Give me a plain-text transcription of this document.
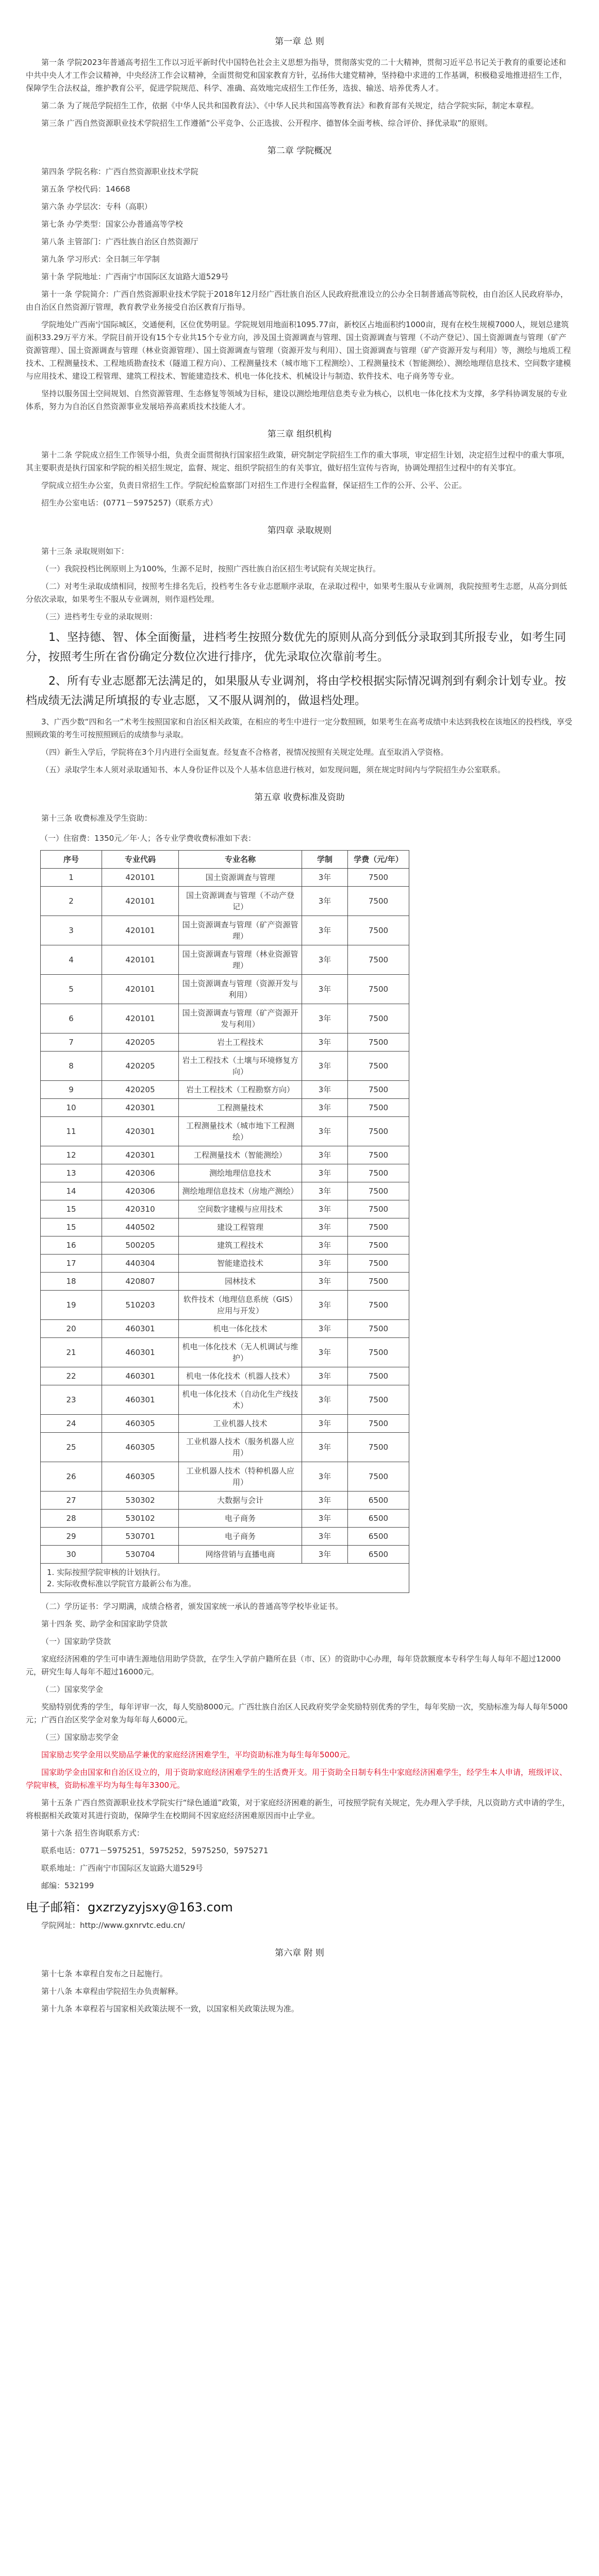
第一章 总 则

第一条 学院2023年普通高考招生工作以习近平新时代中国特色社会主义思想为指导，贯彻落实党的二十大精神，贯彻习近平总书记关于教育的重要论述和中共中央人才工作会议精神，中央经济工作会议精神，全面贯彻党和国家教育方针，弘扬伟大建党精神，坚持稳中求进的工作基调，积极稳妥地推进招生工作，保障学生合法权益，维护教育公平，促进学院规范、科学、准确、高效地完成招生工作任务，选拔、输送、培养优秀人才。

第二条 为了规范学院招生工作，依据《中华人民共和国教育法》、《中华人民共和国高等教育法》和教育部有关规定，结合学院实际，制定本章程。

第三条 广西自然资源职业技术学院招生工作遵循“公平竞争、公正选拔、公开程序、德智体全面考核、综合评价、择优录取”的原则。

第二章 学院概况

第四条 学院名称：广西自然资源职业技术学院

第五条 学校代码：14668

第六条 办学层次：专科（高职）

第七条 办学类型：国家公办普通高等学校

第八条 主管部门：广西壮族自治区自然资源厅

第九条 学习形式：全日制三年学制

第十条 学院地址：广西南宁市国际区友谊路大道529号

第十一条 学院简介：广西自然资源职业技术学院于2018年12月经广西壮族自治区人民政府批准设立的公办全日制普通高等院校，由自治区人民政府举办，由自治区自然资源厅管理，教育教学业务接受自治区教育厅指导。

学院地处广西南宁国际城区，交通便利，区位优势明显。学院规划用地面积1095.77亩，新校区占地面积约1000亩，现有在校生规模7000人，规划总建筑面积33.29万平方米。学院目前开设有15个专业共15个专业方向，涉及国土资源调查与管理、国土资源调查与管理（不动产登记）、国土资源调查与管理（矿产资源管理）、国土资源调查与管理（林业资源管理）、国土资源调查与管理（资源开发与利用）、国土资源调查与管理（矿产资源开发与利用）等，测绘与地质工程技术、工程测量技术、工程地质勘查技术（隧道工程方向）、工程测量技术（城市地下工程测绘）、工程测量技术（智能测绘）、测绘地理信息技术、空间数字建模与应用技术、建设工程管理、建筑工程技术、智能建造技术、机电一体化技术、机械设计与制造、软件技术、电子商务等专业。

坚持以服务国土空间规划、自然资源管理、生态修复等领域为目标，建设以测绘地理信息类专业为核心，以机电一体化技术为支撑，多学科协调发展的专业体系，努力为自治区自然资源事业发展培养高素质技术技能人才。

第三章 组织机构

第十二条 学院成立招生工作领导小组，负责全面贯彻执行国家招生政策，研究制定学院招生工作的重大事项，审定招生计划，决定招生过程中的重大事项，其主要职责是执行国家和学院的相关招生规定，监督、规定、组织学院招生的有关事宜，做好招生宣传与咨询，协调处理招生过程中的有关事宜。

学院成立招生办公室，负责日常招生工作。学院纪检监察部门对招生工作进行全程监督，保证招生工作的公开、公平、公正。

招生办公室电话：(0771－5975257)（联系方式）

第四章 录取规则

第十三条 录取规则如下：

（一）我院投档比例原则上为100%，生源不足时，按照广西壮族自治区招生考试院有关规定执行。

（二）对考生录取成绩相同，按照考生排名先后，投档考生各专业志愿顺序录取，在录取过程中，如果考生服从专业调剂，我院按照考生志愿，从高分到低分依次录取，如果考生不服从专业调剂，则作退档处理。

（三）进档考生专业的录取规则：

1、坚持德、智、体全面衡量，进档考生按照分数优先的原则从高分到低分录取到其所报专业，如考生同分，按照考生所在省份确定分数位次进行排序，优先录取位次靠前考生。

2、所有专业志愿都无法满足的，如果服从专业调剂，将由学校根据实际情况调剂到有剩余计划专业。按档成绩无法满足所填报的专业志愿，又不服从调剂的，做退档处理。

3、广西少数“四和名一”术考生按照国家和自治区相关政策，在相应的考生中进行一定分数照顾，如果考生在高考成绩中未达到我校在该地区的投档线，享受照顾政策的考生可按照照顾后的成绩参与录取。

（四）新生入学后，学院将在3个月内进行全面复查。经复查不合格者，视情况按照有关规定处理。直至取消入学资格。

（五）录取学生本人须对录取通知书、本人身份证件以及个人基本信息进行核对，如发现问题，须在规定时间内与学院招生办公室联系。

第五章 收费标准及资助

第十三条 收费标准及学生资助：

（一）住宿费：1350元／年·人；各专业学费收费标准如下表：

序号	专业代码	专业名称	学制	学费（元/年）	
1	420101	国土资源调查与管理	3年	7500	
2	420101	国土资源调查与管理（不动产登记）	3年	7500	
3	420101	国土资源调查与管理（矿产资源管理）	3年	7500	
4	420101	国土资源调查与管理（林业资源管理）	3年	7500	
5	420101	国土资源调查与管理（资源开发与利用）	3年	7500	
6	420101	国土资源调查与管理（矿产资源开发与利用）	3年	7500	
7	420205	岩土工程技术	3年	7500	
8	420205	岩土工程技术（土壤与环境修复方向）	3年	7500	
9	420205	岩土工程技术（工程勘察方向）	3年	7500	
10	420301	工程测量技术	3年	7500	
11	420301	工程测量技术（城市地下工程测绘）	3年	7500	
12	420301	工程测量技术（智能测绘）	3年	7500	
13	420306	测绘地理信息技术	3年	7500	
14	420306	测绘地理信息技术（房地产测绘）	3年	7500	
15	420310	空间数字建模与应用技术	3年	7500	
15	440502	建设工程管理	3年	7500	
16	500205	建筑工程技术	3年	7500	
17	440304	智能建造技术	3年	7500	
18	420807	园林技术	3年	7500	
19	510203	软件技术（地理信息系统（GIS）应用与开发）	3年	7500	
20	460301	机电一体化技术	3年	7500	
21	460301	机电一体化技术（无人机调试与维护）	3年	7500	
22	460301	机电一体化技术（机器人技术）	3年	7500	
23	460301	机电一体化技术（自动化生产线技术）	3年	7500	
24	460305	工业机器人技术	3年	7500	
25	460305	工业机器人技术（服务机器人应用）	3年	7500	
26	460305	工业机器人技术（特种机器人应用）	3年	7500	
27	530302	大数据与会计	3年	6500	
28	530102	电子商务	3年	6500	
29	530701	电子商务	3年	6500	
30	530704	网络营销与直播电商	3年	6500	

1. 实际按照学院审核的计划执行。
2. 实际收费标准以学院官方最新公布为准。					

（二）学历证书：学习期满，成绩合格者，颁发国家统一承认的普通高等学校毕业证书。

第十四条 奖、助学金和国家助学贷款

（一）国家助学贷款

家庭经济困难的学生可申请生源地信用助学贷款，在学生入学前户籍所在县（市、区）的资助中心办理，每年贷款额度本专科学生每人每年不超过12000元，研究生每人每年不超过16000元。

（二）国家奖学金

奖励特别优秀的学生，每年评审一次，每人奖励8000元。广西壮族自治区人民政府奖学金奖励特别优秀的学生，每年奖励一次，奖励标准为每人每年5000元；广西自治区奖学金对象为每年每人6000元。

（三）国家励志奖学金

国家励志奖学金用以奖励品学兼优的家庭经济困难学生，平均资助标准为每生每年5000元。

国家助学金由国家和自治区设立的，用于资助家庭经济困难学生的生活费开支。用于资助全日制专科生中家庭经济困难学生，经学生本人申请，班级评议、学院审核，资助标准平均为每生每年3300元。

第十五条 广西自然资源职业技术学院实行“绿色通道”政策，对于家庭经济困难的新生，可按照学院有关规定，先办理入学手续，凡以资助方式申请的学生，将根据相关政策对其进行资助，保障学生在校期间不因家庭经济困难原因而中止学业。

第十六条 招生咨询联系方式：

联系电话：0771－5975251，5975252，5975250，5975271

联系地址：广西南宁市国际区友谊路大道529号

邮编：532199

电子邮箱：gxzrzyzyjsxy@163.com

学院网址：http://www.gxnrvtc.edu.cn/

第六章 附 则

第十七条 本章程自发布之日起施行。

第十八条 本章程由学院招生办负责解释。

第十九条 本章程若与国家相关政策法规不一致，以国家相关政策法规为准。
